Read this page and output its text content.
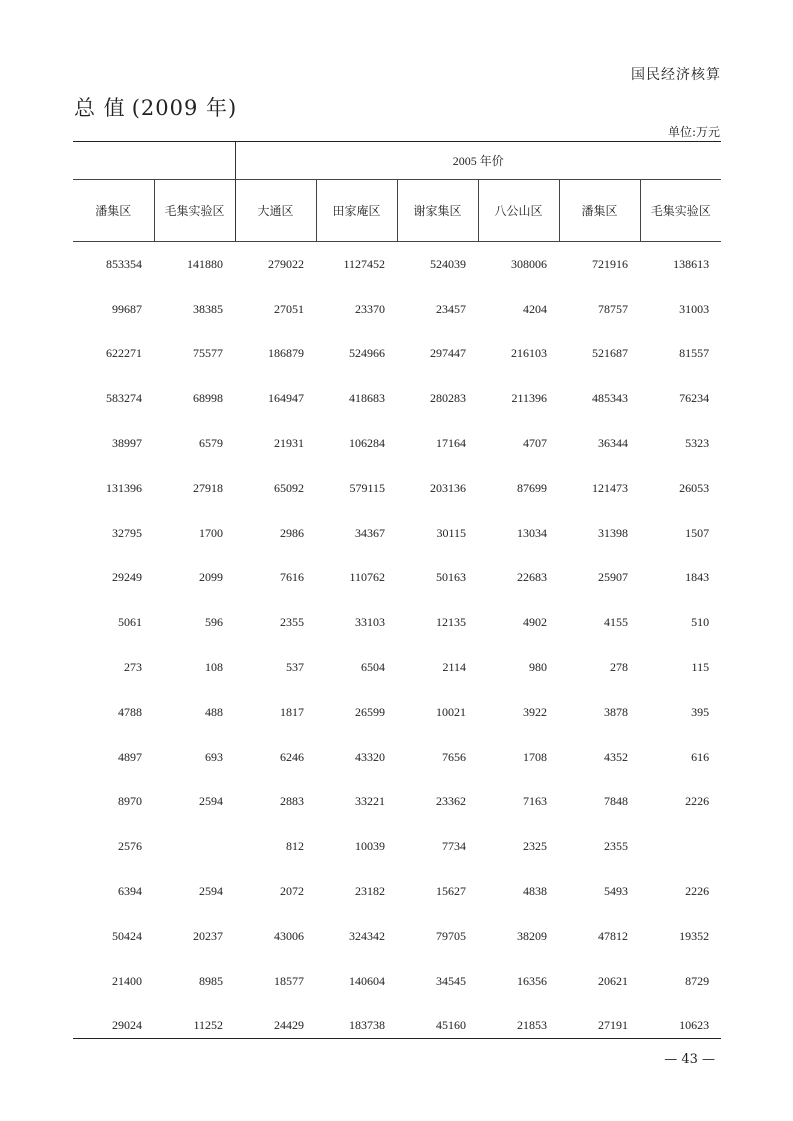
国民经济核算
总 值 (2009 年)
单位:万元
		2005 年价					
潘集区	毛集实验区	大通区	田家庵区	谢家集区	八公山区	潘集区	毛集实验区
853354	141880	279022	1127452	524039	308006	721916	138613
99687	38385	27051	23370	23457	4204	78757	31003
622271	75577	186879	524966	297447	216103	521687	81557
583274	68998	164947	418683	280283	211396	485343	76234
38997	6579	21931	106284	17164	4707	36344	5323
131396	27918	65092	579115	203136	87699	121473	26053
32795	1700	2986	34367	30115	13034	31398	1507
29249	2099	7616	110762	50163	22683	25907	1843
5061	596	2355	33103	12135	4902	4155	510
273	108	537	6504	2114	980	278	115
4788	488	1817	26599	10021	3922	3878	395
4897	693	6246	43320	7656	1708	4352	616
8970	2594	2883	33221	23362	7163	7848	2226
2576		812	10039	7734	2325	2355	
6394	2594	2072	23182	15627	4838	5493	2226
50424	20237	43006	324342	79705	38209	47812	19352
21400	8985	18577	140604	34545	16356	20621	8729
29024	11252	24429	183738	45160	21853	27191	10623
— 43 —
